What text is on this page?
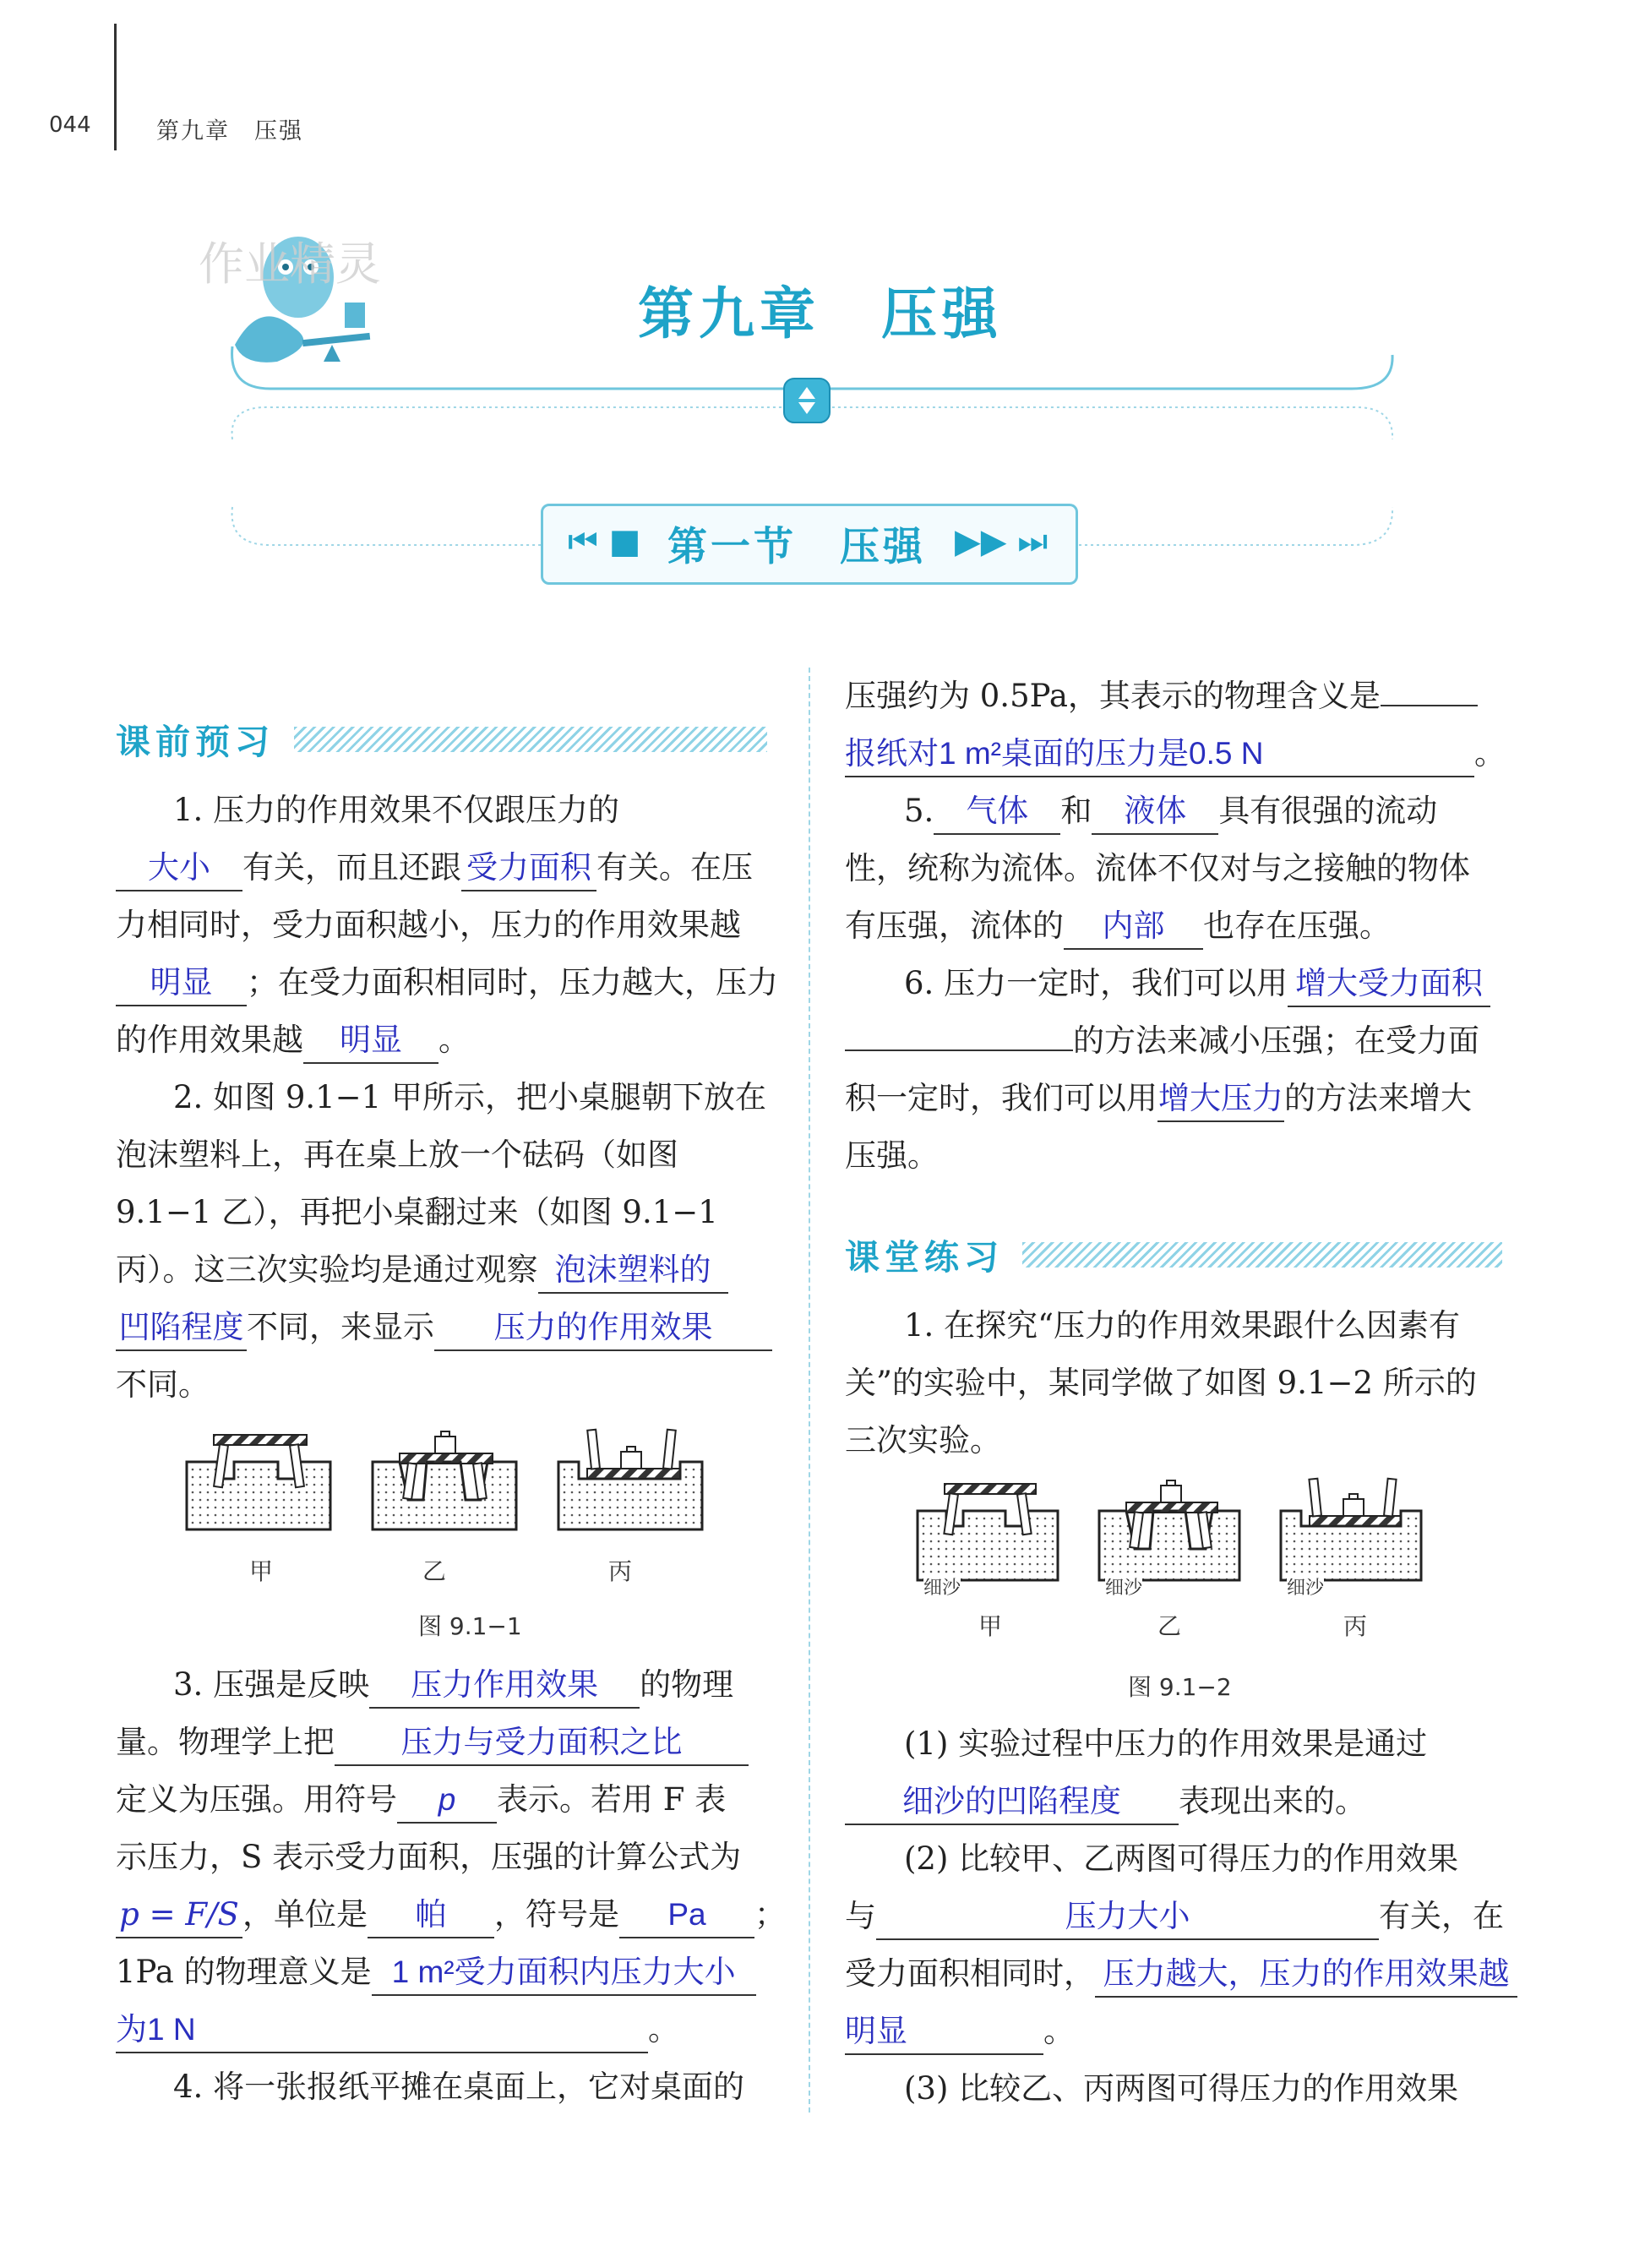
044	第九章　压强
作业精灵
第九章　压强
⏮ ■ 第一节　压强 ▶▶ ⏭
课前预习
1. 压力的作用效果不仅跟压力的
大小 有关，而且还跟 受力面积 有关。在压
力相同时，受力面积越小，压力的作用效果越
明显 ；在受力面积相同时，压力越大，压力
的作用效果越 明显 。
2. 如图 9.1−1 甲所示，把小桌腿朝下放在
泡沫塑料上，再在桌上放一个砝码（如图
9.1−1 乙），再把小桌翻过来（如图 9.1−1
丙）。这三次实验均是通过观察 泡沫塑料的
凹陷程度不同，来显示 压力的作用效果
不同。
甲	乙	丙
图 9.1−1
3. 压强是反映 压力作用效果 的物理
量。物理学上把 压力与受力面积之比
定义为压强。用符号 p 表示。若用 F 表
示压力，S 表示受力面积，压强的计算公式为
p = F/S ，单位是 帕 ，符号是 Pa ；
1Pa 的物理意义是 1 m²受力面积内压力大小
为1 N	。
4. 将一张报纸平摊在桌面上，它对桌面的
压强约为 0.5Pa，其表示的物理含义是
报纸对1 m²桌面的压力是0.5 N	。
5. 气体 和 液体 具有很强的流动
性，统称为流体。流体不仅对与之接触的物体
有压强，流体的 内部 也存在压强。
6. 压力一定时，我们可以用 增大受力面积
的方法来减小压强；在受力面
积一定时，我们可以用增大压力的方法来增大
压强。
课堂练习
1. 在探究“压力的作用效果跟什么因素有
关”的实验中，某同学做了如图 9.1−2 所示的
三次实验。
细沙	细沙	细沙
甲	乙	丙
图 9.1−2
(1) 实验过程中压力的作用效果是通过
细沙的凹陷程度 表现出来的。
(2) 比较甲、乙两图可得压力的作用效果
与	压力大小	有关，在
受力面积相同时， 压力越大，压力的作用效果越
明显	。
(3) 比较乙、丙两图可得压力的作用效果
